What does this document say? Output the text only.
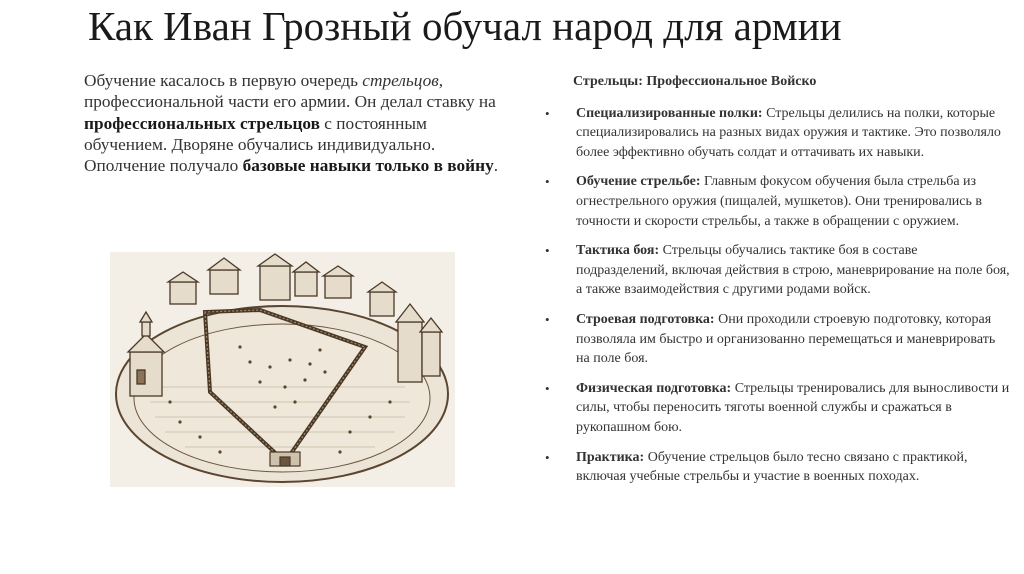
Как Иван Грозный обучал народ для армии

Обучение касалось в первую очередь стрельцов, профессиональной части его армии. Он делал ставку на профессиональных стрельцов с постоянным обучением. Дворяне обучались индивидуально. Ополчение получало базовые навыки только в войну.

Стрельцы: Профессиональное Войско

• Специализированные полки: Стрельцы делились на полки, которые специализировались на разных видах оружия и тактике. Это позволяло более эффективно обучать солдат и оттачивать их навыки.
• Обучение стрельбе: Главным фокусом обучения была стрельба из огнестрельного оружия (пищалей, мушкетов). Они тренировались в точности и скорости стрельбы, а также в обращении с оружием.
• Тактика боя: Стрельцы обучались тактике боя в составе подразделений, включая действия в строю, маневрирование на поле боя, а также взаимодействия с другими родами войск.
• Строевая подготовка: Они проходили строевую подготовку, которая позволяла им быстро и организованно перемещаться и маневрировать на поле боя.
• Физическая подготовка: Стрельцы тренировались для выносливости и силы, чтобы переносить тяготы военной службы и сражаться в рукопашном бою.
• Практика: Обучение стрельцов было тесно связано с практикой, включая учебные стрельбы и участие в военных походах.
